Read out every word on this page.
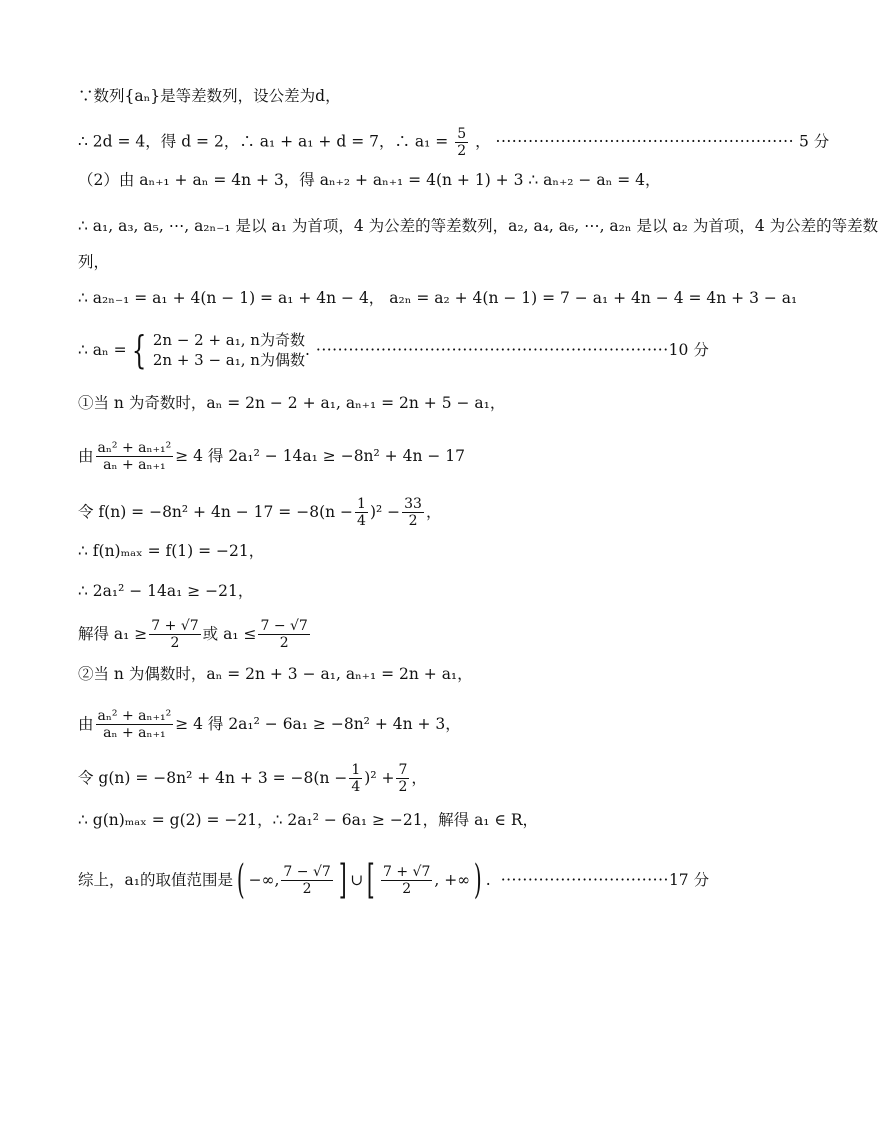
∵数列{aₙ}是等差数列，设公差为d，
∴ 2d = 4，得 d = 2，∴ a₁ + a₁ + d = 7，∴ $a_1 = \frac{5}{2}$ ， ······················································· 5 分
（2）由 aₙ₊₁ + aₙ = 4n + 3，得 aₙ₊₂ + aₙ₊₁ = 4(n + 1) + 3 ∴ aₙ₊₂ − aₙ = 4，
∴ a₁, a₃, a₅, ⋯, a₂ₙ₋₁ 是以 a₁ 为首项，4 为公差的等差数列，a₂, a₄, a₆, ⋯, a₂ₙ 是以 a₂ 为首项，4 为公差的等差数
列，
∴ a₂ₙ₋₁ = a₁ + 4(n − 1) = a₁ + 4n − 4， a₂ₙ = a₂ + 4(n − 1) = 7 − a₁ + 4n − 4 = 4n + 3 − a₁
∴ aₙ = { 2n − 2 + a₁, n为奇数
2n + 3 − a₁, n为偶数
. ································································· 10 分
①当 n 为奇数时，aₙ = 2n − 2 + a₁, aₙ₊₁ = 2n + 5 − a₁，
由 $\frac{\text{aₙ² + aₙ₊₁²}}{\text{aₙ + aₙ₊₁}} \ge 4$ 得 2a₁² − 14a₁ ≥ −8n² + 4n − 17
令 $f(n) = -8n^2 + 4n - 17 = -8(n - \frac{1}{4} )^2 - \frac{33}{2}$ ，
∴ f(n)ₘₐₓ = f(1) = −21，
∴ 2a₁² − 14a₁ ≥ −21，
解得 $a_1 \ge \frac{7 + √7}{2}$ 或 $a_1 \le \frac{7 - √7}{2}$
②当 n 为偶数时，aₙ = 2n + 3 − a₁, aₙ₊₁ = 2n + a₁，
由 $\frac{\text{aₙ² + aₙ₊₁²}}{\text{aₙ + aₙ₊₁}} \ge 4$ 得 2a₁² − 6a₁ ≥ −8n² + 4n + 3，
令 $g(n) = -8n^2 + 4n + 3 = -8(n - \frac{1}{4} )^2 + \frac{7}{2}$ ，
∴ g(n)ₘₐₓ = g(2) = −21，∴ 2a₁² − 6a₁ ≥ −21，解得 a₁ ∈ R，
综上，a₁的取值范围是 ( −∞, $\frac{7 - √7}{2}$ ] ∪ [ $\frac{7 + √7}{2}$ , +∞ ) . ······························· 17 分
